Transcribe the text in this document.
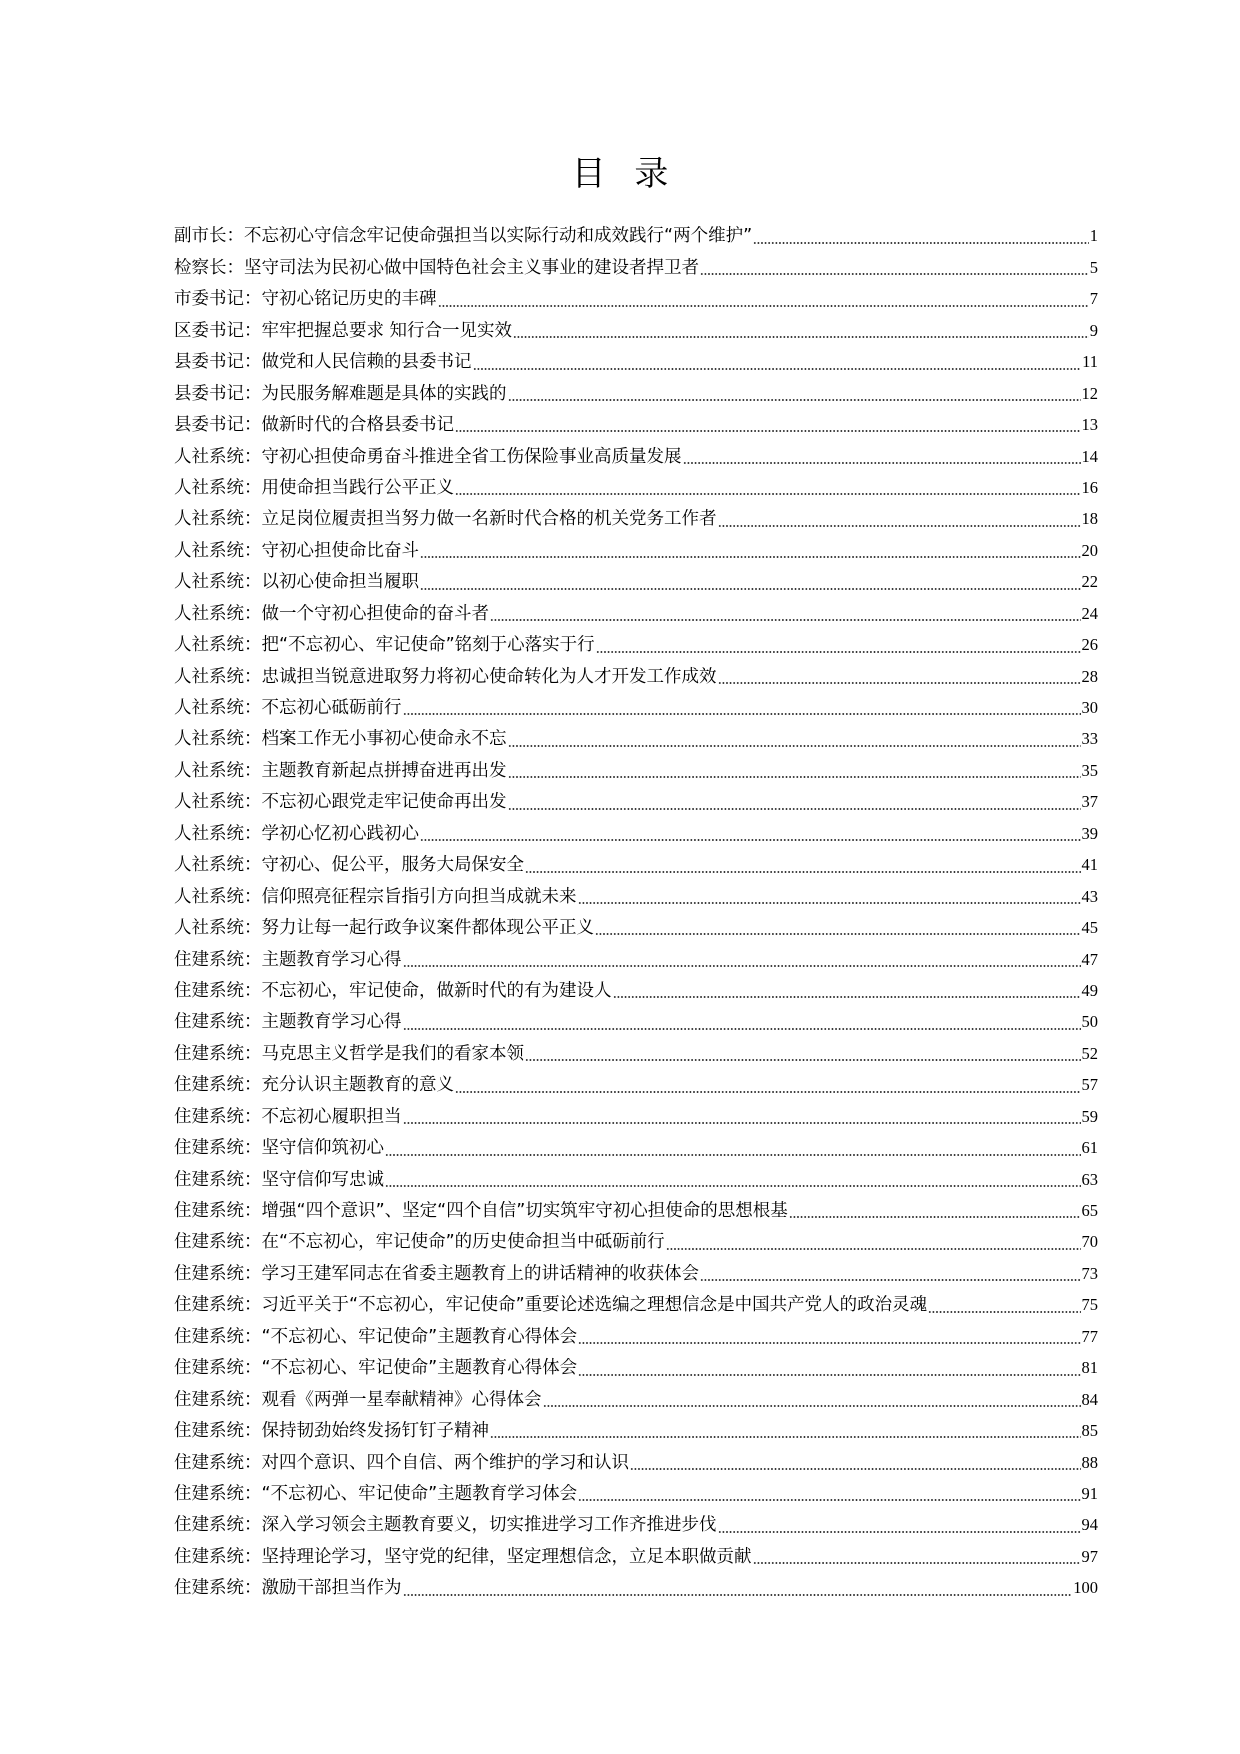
目 录
副市长：不忘初心守信念牢记使命强担当以实际行动和成效践行“两个维护”	1
检察长：坚守司法为民初心做中国特色社会主义事业的建设者捍卫者	5
市委书记：守初心铭记历史的丰碑	7
区委书记：牢牢把握总要求 知行合一见实效	9
县委书记：做党和人民信赖的县委书记	11
县委书记：为民服务解难题是具体的实践的	12
县委书记：做新时代的合格县委书记	13
人社系统：守初心担使命勇奋斗推进全省工伤保险事业高质量发展	14
人社系统：用使命担当践行公平正义	16
人社系统：立足岗位履责担当努力做一名新时代合格的机关党务工作者	18
人社系统：守初心担使命比奋斗	20
人社系统：以初心使命担当履职	22
人社系统：做一个守初心担使命的奋斗者	24
人社系统：把“不忘初心、牢记使命”铭刻于心落实于行	26
人社系统：忠诚担当锐意进取努力将初心使命转化为人才开发工作成效	28
人社系统：不忘初心砥砺前行	30
人社系统：档案工作无小事初心使命永不忘	33
人社系统：主题教育新起点拼搏奋进再出发	35
人社系统：不忘初心跟党走牢记使命再出发	37
人社系统：学初心忆初心践初心	39
人社系统：守初心、促公平，服务大局保安全	41
人社系统：信仰照亮征程宗旨指引方向担当成就未来	43
人社系统：努力让每一起行政争议案件都体现公平正义	45
住建系统：主题教育学习心得	47
住建系统：不忘初心，牢记使命，做新时代的有为建设人	49
住建系统：主题教育学习心得	50
住建系统：马克思主义哲学是我们的看家本领	52
住建系统：充分认识主题教育的意义	57
住建系统：不忘初心履职担当	59
住建系统：坚守信仰筑初心	61
住建系统：坚守信仰写忠诚	63
住建系统：增强“四个意识”、坚定“四个自信”切实筑牢守初心担使命的思想根基	65
住建系统：在“不忘初心，牢记使命”的历史使命担当中砥砺前行	70
住建系统：学习王建军同志在省委主题教育上的讲话精神的收获体会	73
住建系统：习近平关于“不忘初心，牢记使命”重要论述选编之理想信念是中国共产党人的政治灵魂	75
住建系统：“不忘初心、牢记使命”主题教育心得体会	77
住建系统：“不忘初心、牢记使命”主题教育心得体会	81
住建系统：观看《两弹一星奉献精神》心得体会	84
住建系统：保持韧劲始终发扬钉钉子精神	85
住建系统：对四个意识、四个自信、两个维护的学习和认识	88
住建系统：“不忘初心、牢记使命”主题教育学习体会	91
住建系统：深入学习领会主题教育要义，切实推进学习工作齐推进步伐	94
住建系统：坚持理论学习，坚守党的纪律，坚定理想信念，立足本职做贡献	97
住建系统：激励干部担当作为	100
